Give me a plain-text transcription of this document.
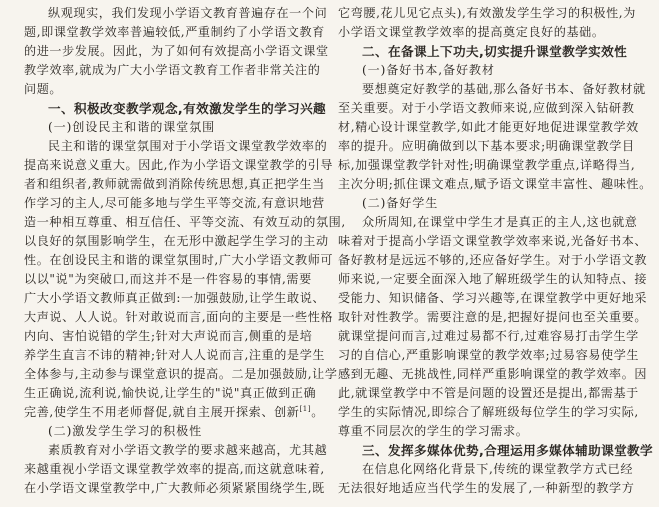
纵观现实，我们发现小学语文教育普遍存在一个问
题,即课堂教学效率普遍较低,严重制约了小学语文教育
的进一步发展。因此，为了如何有效提高小学语文课堂
教学效率,就成为广大小学语文教育工作者非常关注的
问题。
一、积极改变教学观念,有效激发学生的学习兴趣
(一)创设民主和谐的课堂氛围
民主和谐的课堂氛围对于小学语文课堂教学效率的
提高来说意义重大。因此,作为小学语文课堂教学的引导
者和组织者,教师就需做到消除传统思想,真正把学生当
作学习的主人,尽可能多地与学生平等交流,有意识地营
造一种相互尊重、相互信任、平等交流、有效互动的氛围,
以良好的氛围影响学生，在无形中激起学生学习的主动
性。在创设民主和谐的课堂氛围时,广大小学语文教师可
以以"说"为突破口,而这并不是一件容易的事情,需要
广大小学语文教师真正做到:一加强鼓励,让学生敢说、
大声说、人人说。针对敢说而言,面向的主要是一些性格
内向、害怕说错的学生;针对大声说而言,侧重的是培
养学生直言不讳的精神;针对人人说而言,注重的是学生
全体参与,主动参与课堂意识的提高。二是加强鼓励,让学
生正确说,流利说,愉快说,让学生的"说"真正做到正确
完善,使学生不用老师督促,就自主展开探索、创新[1]。
(二)激发学生学习的积极性
素质教育对小学语文教学的要求越来越高，尤其越
来越重视小学语文课堂教学效率的提高,而这就意味着,
在小学语文课堂教学中,广大教师必须紧紧围绕学生,既
它弯腰,花儿见它点头),有效激发学生学习的积极性,为
小学语文课堂教学效率的提高奠定良好的基础。
二、在备课上下功夫,切实提升课堂教学实效性
(一)备好书本,备好教材
要想奠定好教学的基础,那么备好书本、备好教材就
至关重要。对于小学语文教师来说,应做到深入钻研教
材,精心设计课堂教学,如此才能更好地促进课堂教学效
率的提升。应明确做到以下基本要求;明确课堂教学目
标,加强课堂教学针对性;明确课堂教学重点,详略得当,
主次分明;抓住课文难点,赋予语文课堂丰富性、趣味性。
(二)备好学生
众所周知,在课堂中学生才是真正的主人,这也就意
味着对于提高小学语文课堂教学效率来说,光备好书本、
备好教材是远远不够的,还应备好学生。对于小学语文教
师来说,一定要全面深入地了解班级学生的认知特点、接
受能力、知识储备、学习兴趣等,在课堂教学中更好地采
取针对性教学。需要注意的是,把握好提问也至关重要。
就课堂提问而言,过难过易都不行,过难容易打击学生学
习的自信心,严重影响课堂的教学效率;过易容易使学生
感到无趣、无挑战性,同样严重影响课堂的教学效率。因
此,就课堂教学中不管是问题的设置还是提出,都需基于
学生的实际情况,即综合了解班级每位学生的学习实际,
尊重不同层次的学生的学习需求。
三、发挥多媒体优势,合理运用多媒体辅助课堂教学
在信息化网络化背景下,传统的课堂教学方式已经
无法很好地适应当代学生的发展了,一种新型的教学方
